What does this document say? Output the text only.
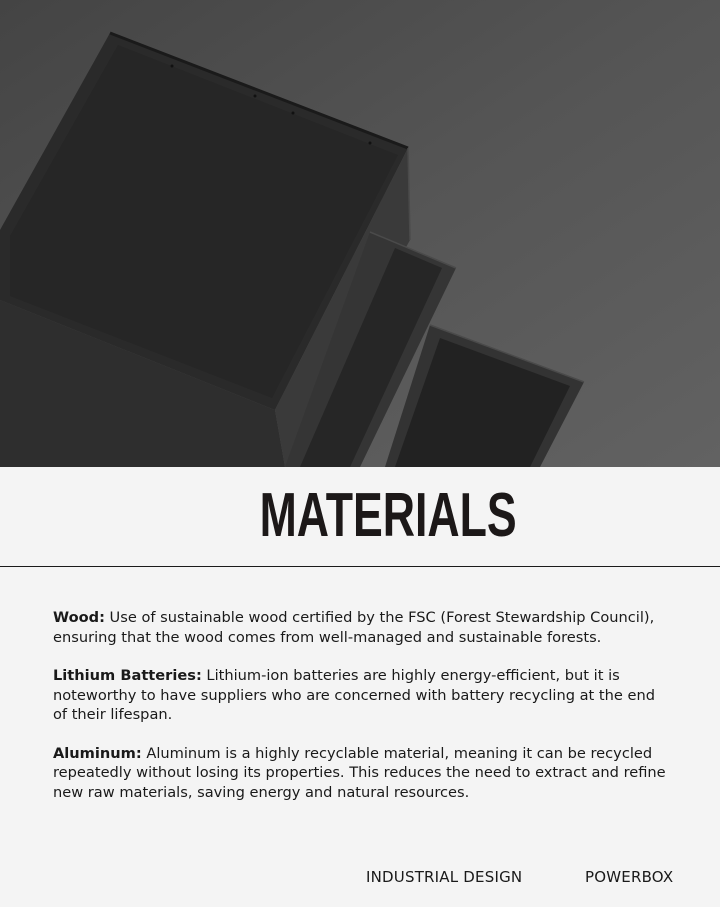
MATERIALS

Wood: Use of sustainable wood certified by the FSC (Forest Stewardship Council), ensuring that the wood comes from well-managed and sustainable forests.

Lithium Batteries: Lithium-ion batteries are highly energy-efficient, but it is noteworthy to have suppliers who are concerned with battery recycling at the end of their lifespan.

Aluminum: Aluminum is a highly recyclable material, meaning it can be recycled repeatedly without losing its properties. This reduces the need to extract and refine new raw materials, saving energy and natural resources.

INDUSTRIAL DESIGN	POWERBOX
